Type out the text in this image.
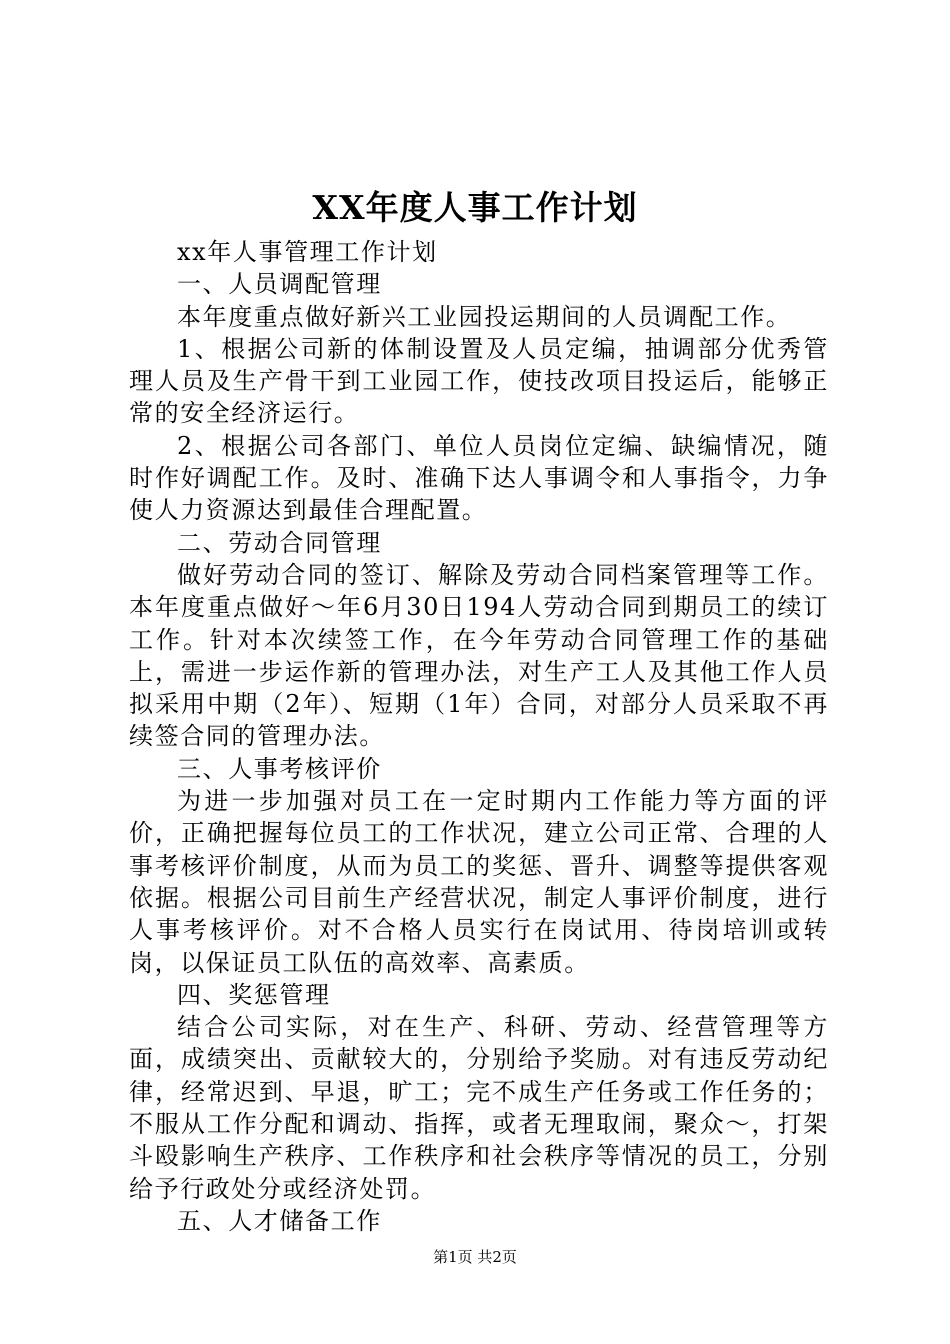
XX年度人事工作计划

xx年人事管理工作计划

一、人员调配管理

本年度重点做好新兴工业园投运期间的人员调配工作。

1、根据公司新的体制设置及人员定编，抽调部分优秀管理人员及生产骨干到工业园工作，使技改项目投运后，能够正常的安全经济运行。

2、根据公司各部门、单位人员岗位定编、缺编情况，随时作好调配工作。及时、准确下达人事调令和人事指令，力争使人力资源达到最佳合理配置。

二、劳动合同管理

做好劳动合同的签订、解除及劳动合同档案管理等工作。本年度重点做好～年6月30日194人劳动合同到期员工的续订工作。针对本次续签工作，在今年劳动合同管理工作的基础上，需进一步运作新的管理办法，对生产工人及其他工作人员拟采用中期（2年）、短期（1年）合同，对部分人员采取不再续签合同的管理办法。

三、人事考核评价

为进一步加强对员工在一定时期内工作能力等方面的评价，正确把握每位员工的工作状况，建立公司正常、合理的人事考核评价制度，从而为员工的奖惩、晋升、调整等提供客观依据。根据公司目前生产经营状况，制定人事评价制度，进行人事考核评价。对不合格人员实行在岗试用、待岗培训或转岗，以保证员工队伍的高效率、高素质。

四、奖惩管理

结合公司实际，对在生产、科研、劳动、经营管理等方面，成绩突出、贡献较大的，分别给予奖励。对有违反劳动纪律，经常迟到、早退，旷工；完不成生产任务或工作任务的；不服从工作分配和调动、指挥，或者无理取闹，聚众～，打架斗殴影响生产秩序、工作秩序和社会秩序等情况的员工，分别给予行政处分或经济处罚。

五、人才储备工作

第1页 共2页
